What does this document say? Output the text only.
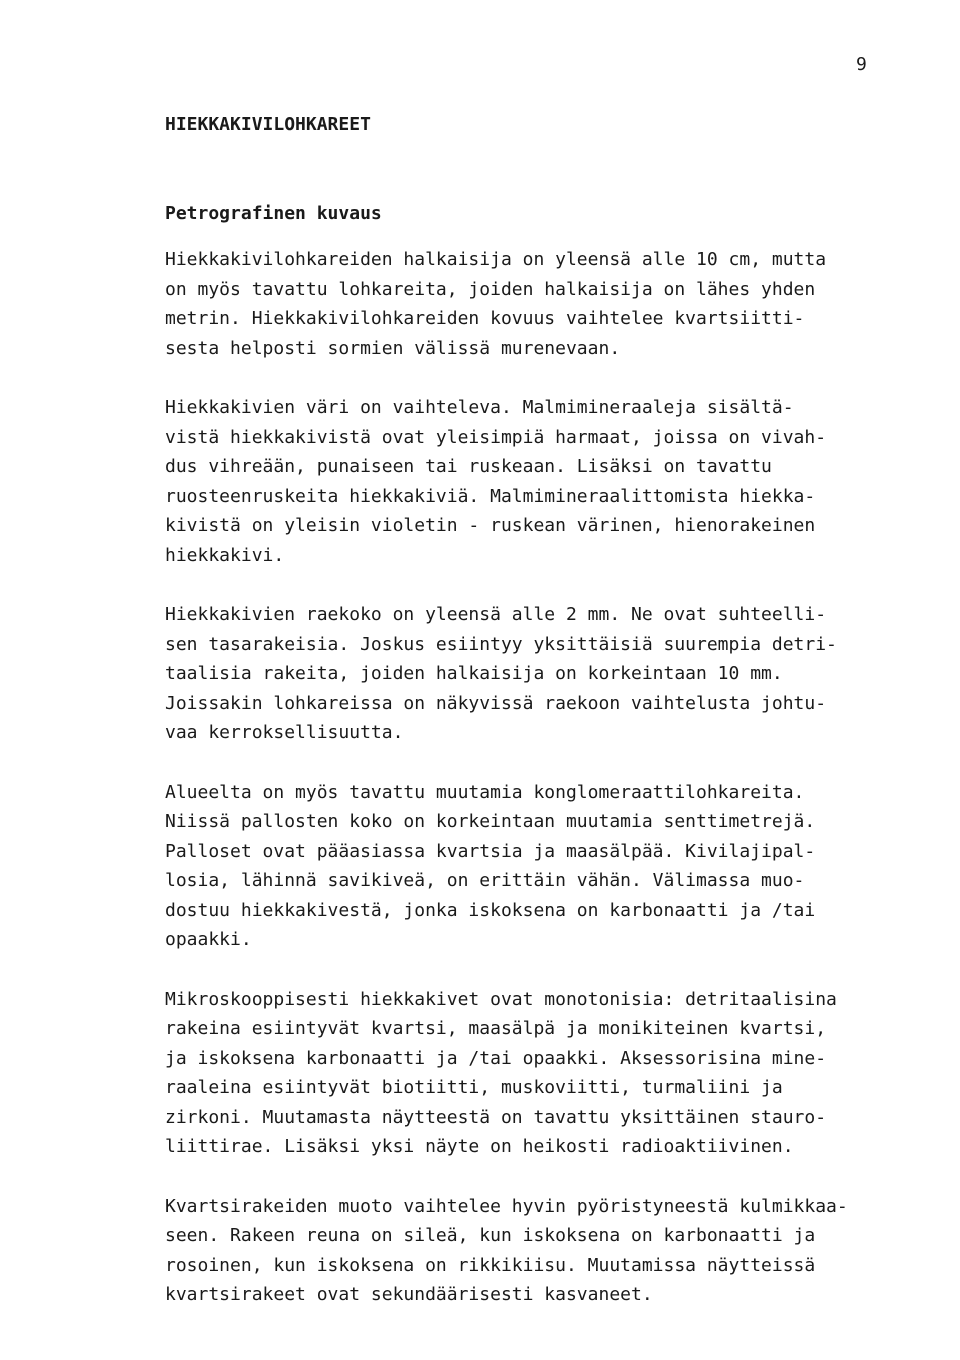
9
HIEKKAKIVILOHKAREET
Petrografinen kuvaus

Hiekkakivilohkareiden halkaisija on yleensä alle 10 cm, mutta
on myös tavattu lohkareita, joiden halkaisija on lähes yhden
metrin. Hiekkakivilohkareiden kovuus vaihtelee kvartsiitti-
sesta helposti sormien välissä murenevaan.

Hiekkakivien väri on vaihteleva. Malmimineraaleja sisältä-
vistä hiekkakivistä ovat yleisimpiä harmaat, joissa on vivah-
dus vihreään, punaiseen tai ruskeaan. Lisäksi on tavattu
ruosteenruskeita hiekkakiviä. Malmimineraalittomista hiekka-
kivistä on yleisin violetin - ruskean värinen, hienorakeinen
hiekkakivi.

Hiekkakivien raekoko on yleensä alle 2 mm. Ne ovat suhteelli-
sen tasarakeisia. Joskus esiintyy yksittäisiä suurempia detri-
taalisia rakeita, joiden halkaisija on korkeintaan 10 mm.
Joissakin lohkareissa on näkyvissä raekoon vaihtelusta johtu-
vaa kerroksellisuutta.

Alueelta on myös tavattu muutamia konglomeraattilohkareita.
Niissä pallosten koko on korkeintaan muutamia senttimetrejä.
Palloset ovat pääasiassa kvartsia ja maasälpää. Kivilajipal-
losia, lähinnä savikiveä, on erittäin vähän. Välimassa muo-
dostuu hiekkakivestä, jonka iskoksena on karbonaatti ja /tai
opaakki.

Mikroskooppisesti hiekkakivet ovat monotonisia: detritaalisina
rakeina esiintyvät kvartsi, maasälpä ja monikiteinen kvartsi,
ja iskoksena karbonaatti ja /tai opaakki. Aksessorisina mine-
raaleina esiintyvät biotiitti, muskoviitti, turmaliini ja
zirkoni. Muutamasta näytteestä on tavattu yksittäinen stauro-
liittirae. Lisäksi yksi näyte on heikosti radioaktiivinen.

Kvartsirakeiden muoto vaihtelee hyvin pyöristyneestä kulmikkaa-
seen. Rakeen reuna on sileä, kun iskoksena on karbonaatti ja
rosoinen, kun iskoksena on rikkikiisu. Muutamissa näytteissä
kvartsirakeet ovat sekundäärisesti kasvaneet.
